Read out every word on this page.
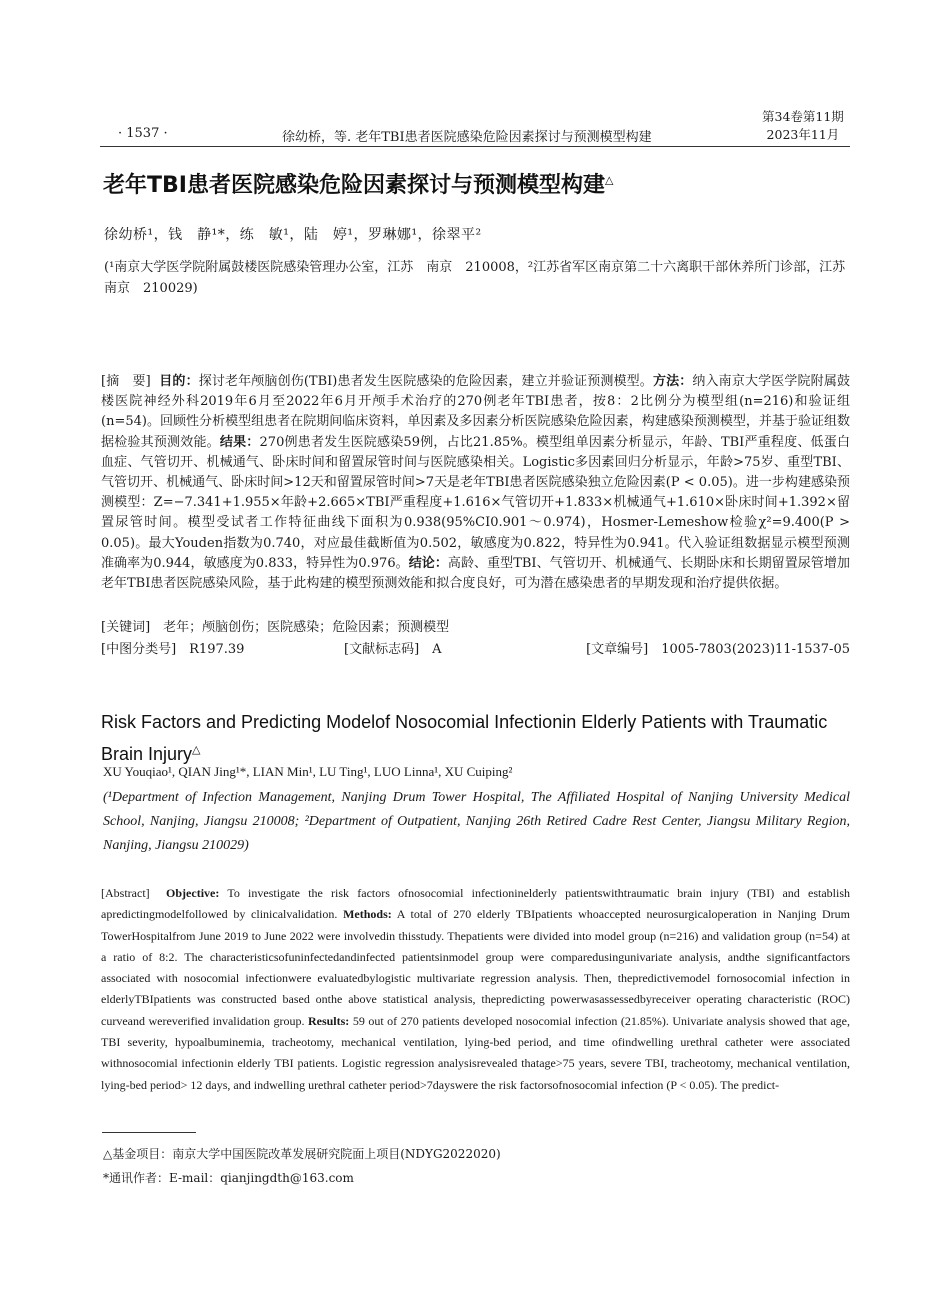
· 1537 ·	徐幼桥，等. 老年TBI患者医院感染危险因素探讨与预测模型构建
第34卷第11期
2023年11月
老年TBI患者医院感染危险因素探讨与预测模型构建△
徐幼桥¹，钱　静¹*，练　敏¹，陆　婷¹，罗琳娜¹，徐翠平²
(¹南京大学医学院附属鼓楼医院感染管理办公室，江苏　南京　210008，²江苏省军区南京第二十六离职干部休养所门诊部，江苏　南京　210029)
[摘　要] 目的：探讨老年颅脑创伤(TBI)患者发生医院感染的危险因素，建立并验证预测模型。方法：纳入南京大学医学院附属鼓楼医院神经外科2019年6月至2022年6月开颅手术治疗的270例老年TBI患者，按8：2比例分为模型组(n=216)和验证组(n=54)。回顾性分析模型组患者在院期间临床资料，单因素及多因素分析医院感染危险因素，构建感染预测模型，并基于验证组数据检验其预测效能。结果：270例患者发生医院感染59例，占比21.85%。模型组单因素分析显示，年龄、TBI严重程度、低蛋白血症、气管切开、机械通气、卧床时间和留置尿管时间与医院感染相关。Logistic多因素回归分析显示，年龄>75岁、重型TBI、气管切开、机械通气、卧床时间>12天和留置尿管时间>7天是老年TBI患者医院感染独立危险因素(P < 0.05)。进一步构建感染预测模型：Z=−7.341+1.955×年龄+2.665×TBI严重程度+1.616×气管切开+1.833×机械通气+1.610×卧床时间+1.392×留置尿管时间。模型受试者工作特征曲线下面积为0.938(95%CI0.901～0.974)，Hosmer-Lemeshow检验χ²=9.400(P > 0.05)。最大Youden指数为0.740，对应最佳截断值为0.502，敏感度为0.822，特异性为0.941。代入验证组数据显示模型预测准确率为0.944，敏感度为0.833，特异性为0.976。结论：高龄、重型TBI、气管切开、机械通气、长期卧床和长期留置尿管增加老年TBI患者医院感染风险，基于此构建的模型预测效能和拟合度良好，可为潜在感染患者的早期发现和治疗提供依据。
[关键词]　老年；颅脑创伤；医院感染；危险因素；预测模型
[中图分类号]　R197.39	[文献标志码]　A	[文章编号]　1005-7803(2023)11-1537-05
Risk Factors and Predicting Modelof Nosocomial Infectionin Elderly Patients with Traumatic Brain Injury△
XU Youqiao¹, QIAN Jing¹*, LIAN Min¹, LU Ting¹, LUO Linna¹, XU Cuiping²
(¹Department of Infection Management, Nanjing Drum Tower Hospital, The Affiliated Hospital of Nanjing University Medical School, Nanjing, Jiangsu 210008; ²Department of Outpatient, Nanjing 26th Retired Cadre Rest Center, Jiangsu Military Region, Nanjing, Jiangsu 210029)
[Abstract] Objective: To investigate the risk factors ofnosocomial infectioninelderly patientswithtraumatic brain injury (TBI) and establish apredictingmodelfollowed by clinicalvalidation. Methods: A total of 270 elderly TBIpatients whoaccepted neurosurgicaloperation in Nanjing Drum TowerHospitalfrom June 2019 to June 2022 were involvedin thisstudy. Thepatients were divided into model group (n=216) and validation group (n=54) at a ratio of 8:2. The characteristicsofuninfectedandinfected patientsinmodel group were comparedusingunivariate analysis, andthe significantfactors associated with nosocomial infectionwere evaluatedbylogistic multivariate regression analysis. Then, thepredictivemodel fornosocomial infection in elderlyTBIpatients was constructed based onthe above statistical analysis, thepredicting powerwasassessedbyreceiver operating characteristic (ROC) curveand wereverified invalidation group. Results: 59 out of 270 patients developed nosocomial infection (21.85%). Univariate analysis showed that age, TBI severity, hypoalbuminemia, tracheotomy, mechanical ventilation, lying-bed period, and time ofindwelling urethral catheter were associated withnosocomial infectionin elderly TBI patients. Logistic regression analysisrevealed thatage>75 years, severe TBI, tracheotomy, mechanical ventilation, lying-bed period> 12 days, and indwelling urethral catheter period>7dayswere the risk factorsofnosocomial infection (P < 0.05). The predict-
△基金项目：南京大学中国医院改革发展研究院面上项目(NDYG2022020)
*通讯作者：E-mail：qianjingdth@163.com
